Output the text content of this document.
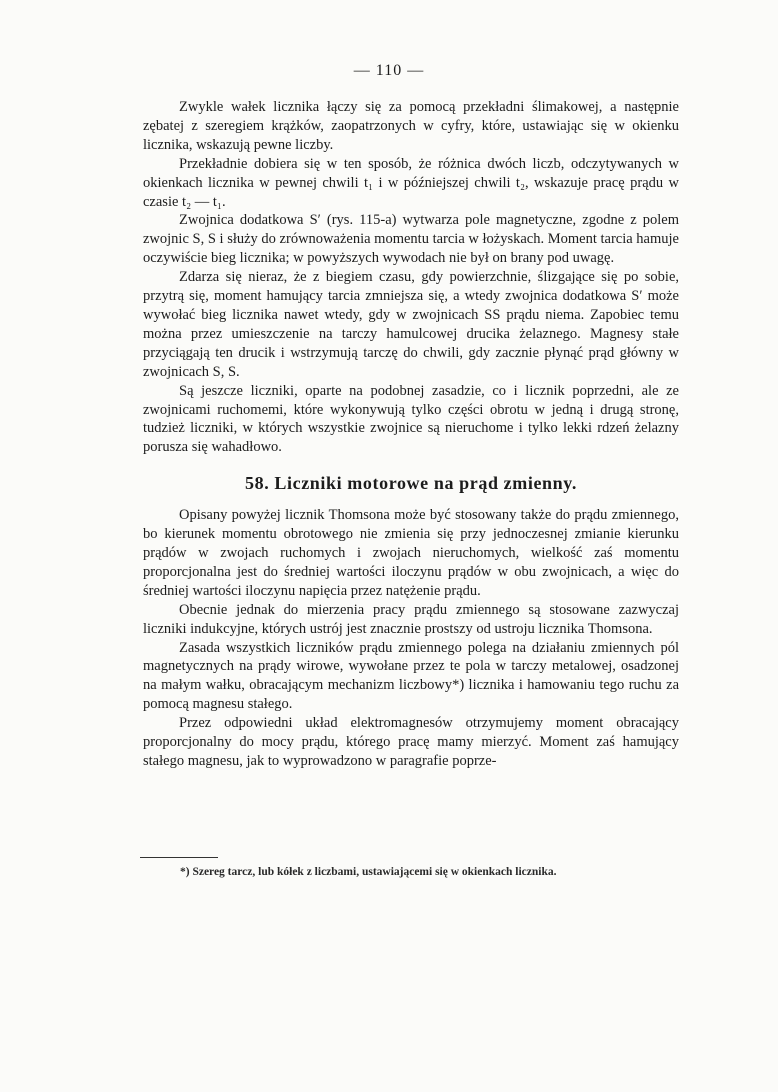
— 110 —

Zwykle wałek licznika łączy się za pomocą przekładni ślimakowej, a następnie zębatej z szeregiem krążków, zaopatrzonych w cyfry, które, ustawiając się w okienku licznika, wskazują pewne liczby.

Przekładnie dobiera się w ten sposób, że różnica dwóch liczb, odczytywanych w okienkach licznika w pewnej chwili t₁ i w późniejszej chwili t₂, wskazuje pracę prądu w czasie t₂ — t₁.

Zwojnica dodatkowa S′ (rys. 115-a) wytwarza pole magnetyczne, zgodne z polem zwojnic S, S i służy do zrównoważenia momentu tarcia w łożyskach. Moment tarcia hamuje oczywiście bieg licznika; w powyższych wywodach nie był on brany pod uwagę.

Zdarza się nieraz, że z biegiem czasu, gdy powierzchnie, ślizgające się po sobie, przytrą się, moment hamujący tarcia zmniejsza się, a wtedy zwojnica dodatkowa S′ może wywołać bieg licznika nawet wtedy, gdy w zwojnicach SS prądu niema. Zapobiec temu można przez umieszczenie na tarczy hamulcowej drucika żelaznego. Magnesy stałe przyciągają ten drucik i wstrzymują tarczę do chwili, gdy zacznie płynąć prąd główny w zwojnicach S, S.

Są jeszcze liczniki, oparte na podobnej zasadzie, co i licznik poprzedni, ale ze zwojnicami ruchomemi, które wykonywują tylko części obrotu w jedną i drugą stronę, tudzież liczniki, w których wszystkie zwojnice są nieruchome i tylko lekki rdzeń żelazny porusza się wahadłowo.

58. Liczniki motorowe na prąd zmienny.

Opisany powyżej licznik Thomsona może być stosowany także do prądu zmiennego, bo kierunek momentu obrotowego nie zmienia się przy jednoczesnej zmianie kierunku prądów w zwojach ruchomych i zwojach nieruchomych, wielkość zaś momentu proporcjonalna jest do średniej wartości iloczynu prądów w obu zwojnicach, a więc do średniej wartości iloczynu napięcia przez natężenie prądu.

Obecnie jednak do mierzenia pracy prądu zmiennego są stosowane zazwyczaj liczniki indukcyjne, których ustrój jest znacznie prostszy od ustroju licznika Thomsona.

Zasada wszystkich liczników prądu zmiennego polega na działaniu zmiennych pól magnetycznych na prądy wirowe, wywołane przez te pola w tarczy metalowej, osadzonej na małym wałku, obracającym mechanizm liczbowy*) licznika i hamowaniu tego ruchu za pomocą magnesu stałego.

Przez odpowiedni układ elektromagnesów otrzymujemy moment obracający proporcjonalny do mocy prądu, którego pracę mamy mierzyć. Moment zaś hamujący stałego magnesu, jak to wyprowadzono w paragrafie poprze-

*) Szereg tarcz, lub kółek z liczbami, ustawiającemi się w okienkach licznika.
